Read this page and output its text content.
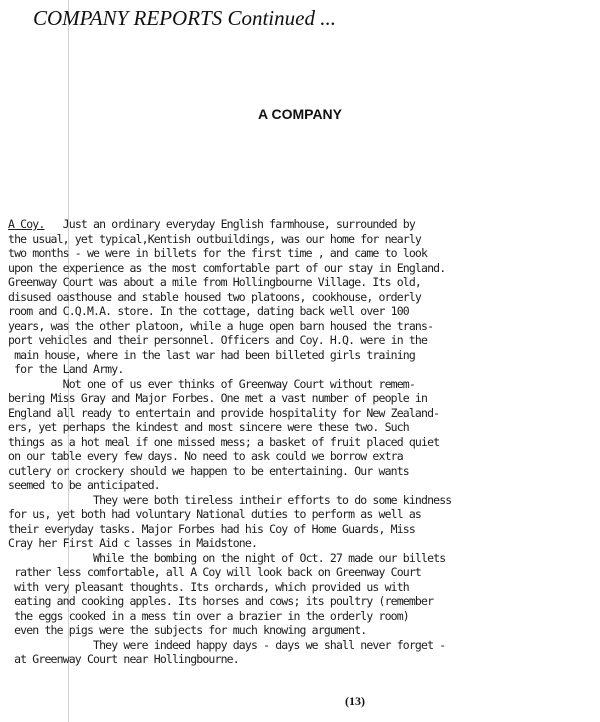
COMPANY REPORTS Continued ...
A COMPANY
A Coy.   Just an ordinary everyday English farmhouse, surrounded by
the usual, yet typical,Kentish outbuildings, was our home for nearly
two months - we were in billets for the first time , and came to look
upon the experience as the most comfortable part of our stay in England.
Greenway Court was about a mile from Hollingbourne Village. Its old,
disused oasthouse and stable housed two platoons, cookhouse, orderly
room and C.Q.M.A. store. In the cottage, dating back well over 100
years, was the other platoon, while a huge open barn housed the trans-
port vehicles and their personnel. Officers and Coy. H.Q. were in the
main house, where in the last war had been billeted girls training
for the Land Army.
Not one of us ever thinks of Greenway Court without remem-
bering Miss Gray and Major Forbes. One met a vast number of people in
England all ready to entertain and provide hospitality for New Zealand-
ers, yet perhaps the kindest and most sincere were these two. Such
things as a hot meal if one missed mess; a basket of fruit placed quiet
on our table every few days. No need to ask could we borrow extra
cutlery or crockery should we happen to be entertaining. Our wants
seemed to be anticipated.
They were both tireless intheir efforts to do some kindness
for us, yet both had voluntary National duties to perform as well as
their everyday tasks. Major Forbes had his Coy of Home Guards, Miss
Cray her First Aid c lasses in Maidstone.
While the bombing on the night of Oct. 27 made our billets
rather less comfortable, all A Coy will look back on Greenway Court
with very pleasant thoughts. Its orchards, which provided us with
eating and cooking apples. Its horses and cows; its poultry (remember
the eggs cooked in a mess tin over a brazier in the orderly room)
even the pigs were the subjects for much knowing argument.
They were indeed happy days - days we shall never forget -
at Greenway Court near Hollingbourne.
(13)
